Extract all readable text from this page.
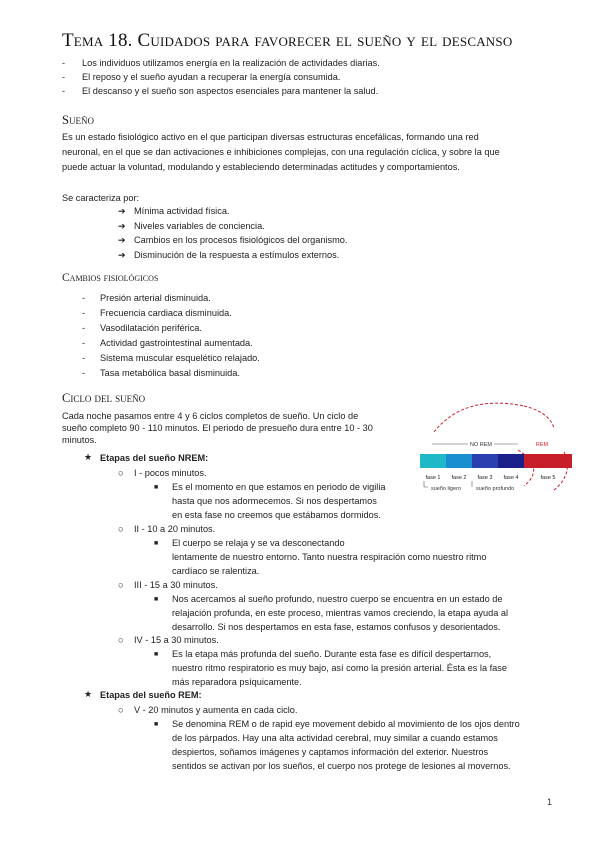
Tema 18. Cuidados para favorecer el sueño y el descanso
- Los individuos utilizamos energía en la realización de actividades diarias.
- El reposo y el sueño ayudan a recuperar la energía consumida.
- El descanso y el sueño son aspectos esenciales para mantener la salud.
Sueño
Es un estado fisiológico activo en el que participan diversas estructuras encefálicas, formando una red
neuronal, en el que se dan activaciones e inhibiciones complejas, con una regulación cíclica, y sobre la que
puede actuar la voluntad, modulando y estableciendo determinadas actitudes y comportamientos.
Se caracteriza por:
➔ Mínima actividad física.
➔ Niveles variables de conciencia.
➔ Cambios en los procesos fisiológicos del organismo.
➔ Disminución de la respuesta a estímulos externos.
Cambios fisiológicos
- Presión arterial disminuida.
- Frecuencia cardiaca disminuida.
- Vasodilatación periférica.
- Actividad gastrointestinal aumentada.
- Sistema muscular esquelético relajado.
- Tasa metabólica basal disminuida.
Ciclo del sueño
Cada noche pasamos entre 4 y 6 ciclos completos de sueño. Un ciclo de
sueño completo 90 - 110 minutos. El periodo de presueño dura entre 10 - 30
minutos.	NO REM	REM
fase 1 fase 2 fase 3 fase 4	fase 5
sueño ligero	sueño profundo
★ Etapas del sueño NREM:
○ I - pocos minutos.
■ Es el momento en que estamos en periodo de vigilia
hasta que nos adormecemos. Si nos despertamos
en esta fase no creemos que estábamos dormidos.
○ II - 10 a 20 minutos.
■ El cuerpo se relaja y se va desconectando
lentamente de nuestro entorno. Tanto nuestra respiración como nuestro ritmo
cardíaco se ralentiza.
○ III - 15 a 30 minutos.
■ Nos acercamos al sueño profundo, nuestro cuerpo se encuentra en un estado de
relajación profunda, en este proceso, mientras vamos creciendo, la etapa ayuda al
desarrollo. Si nos despertamos en esta fase, estamos confusos y desorientados.
○ IV - 15 a 30 minutos.
■ Es la etapa más profunda del sueño. Durante esta fase es difícil despertarnos,
nuestro ritmo respiratorio es muy bajo, así como la presión arterial. Ésta es la fase
más reparadora psíquicamente.
★ Etapas del sueño REM:
○ V - 20 minutos y aumenta en cada ciclo.
■ Se denomina REM o de rapid eye movement debido al movimiento de los ojos dentro
de los párpados. Hay una alta actividad cerebral, muy similar a cuando estamos
despiertos, soñamos imágenes y captamos información del exterior. Nuestros
sentidos se activan por los sueños, el cuerpo nos protege de lesiones al movernos.
1
